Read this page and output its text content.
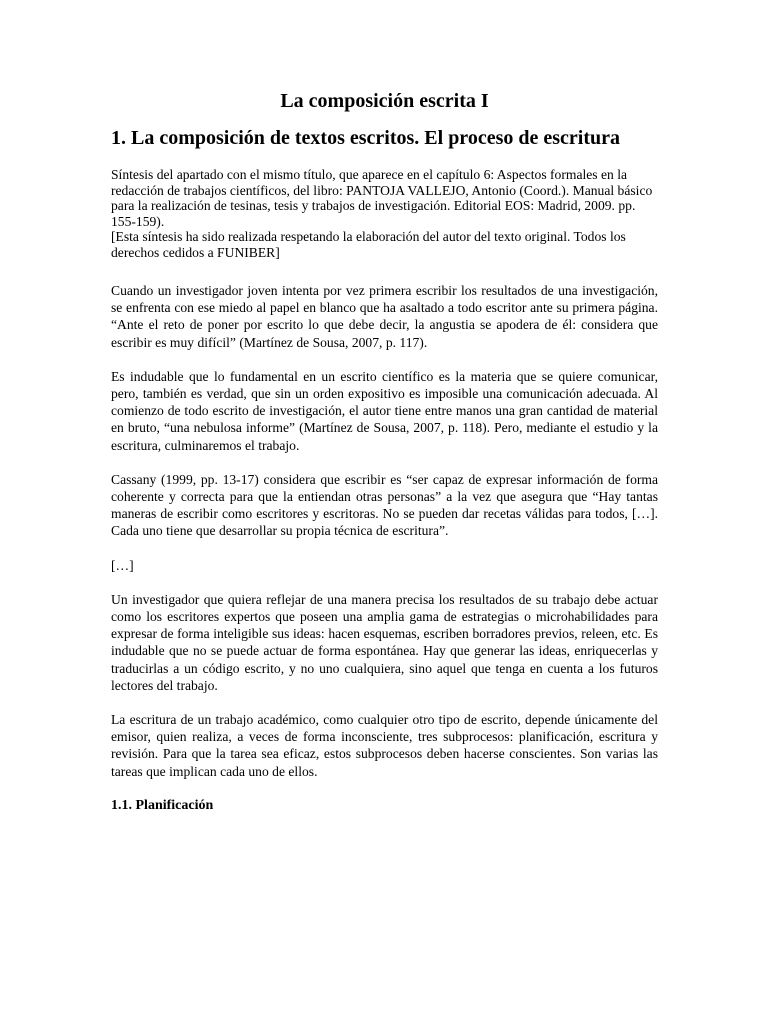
La composición escrita I
1. La composición de textos escritos. El proceso de escritura
Síntesis del apartado con el mismo título, que aparece en el capítulo 6: Aspectos formales en la redacción de trabajos científicos, del libro: PANTOJA VALLEJO, Antonio (Coord.). Manual básico para la realización de tesinas, tesis y trabajos de investigación. Editorial EOS: Madrid, 2009. pp. 155-159).
[Esta síntesis ha sido realizada respetando la elaboración del autor del texto original. Todos los derechos cedidos a FUNIBER]

Cuando un investigador joven intenta por vez primera escribir los resultados de una investigación, se enfrenta con ese miedo al papel en blanco que ha asaltado a todo escritor ante su primera página. “Ante el reto de poner por escrito lo que debe decir, la angustia se apodera de él: considera que escribir es muy difícil” (Martínez de Sousa, 2007, p. 117).

Es indudable que lo fundamental en un escrito científico es la materia que se quiere comunicar, pero, también es verdad, que sin un orden expositivo es imposible una comunicación adecuada. Al comienzo de todo escrito de investigación, el autor tiene entre manos una gran cantidad de material en bruto, “una nebulosa informe” (Martínez de Sousa, 2007, p. 118). Pero, mediante el estudio y la escritura, culminaremos el trabajo.

Cassany (1999, pp. 13-17) considera que escribir es “ser capaz de expresar información de forma coherente y correcta para que la entiendan otras personas” a la vez que asegura que “Hay tantas maneras de escribir como escritores y escritoras. No se pueden dar recetas válidas para todos, […]. Cada uno tiene que desarrollar su propia técnica de escritura”.

[…]

Un investigador que quiera reflejar de una manera precisa los resultados de su trabajo debe actuar como los escritores expertos que poseen una amplia gama de estrategias o microhabilidades para expresar de forma inteligible sus ideas: hacen esquemas, escriben borradores previos, releen, etc. Es indudable que no se puede actuar de forma espontánea. Hay que generar las ideas, enriquecerlas y traducirlas a un código escrito, y no uno cualquiera, sino aquel que tenga en cuenta a los futuros lectores del trabajo.

La escritura de un trabajo académico, como cualquier otro tipo de escrito, depende únicamente del emisor, quien realiza, a veces de forma inconsciente, tres subprocesos: planificación, escritura y revisión. Para que la tarea sea eficaz, estos subprocesos deben hacerse conscientes. Son varias las tareas que implican cada uno de ellos.

1.1. Planificación
